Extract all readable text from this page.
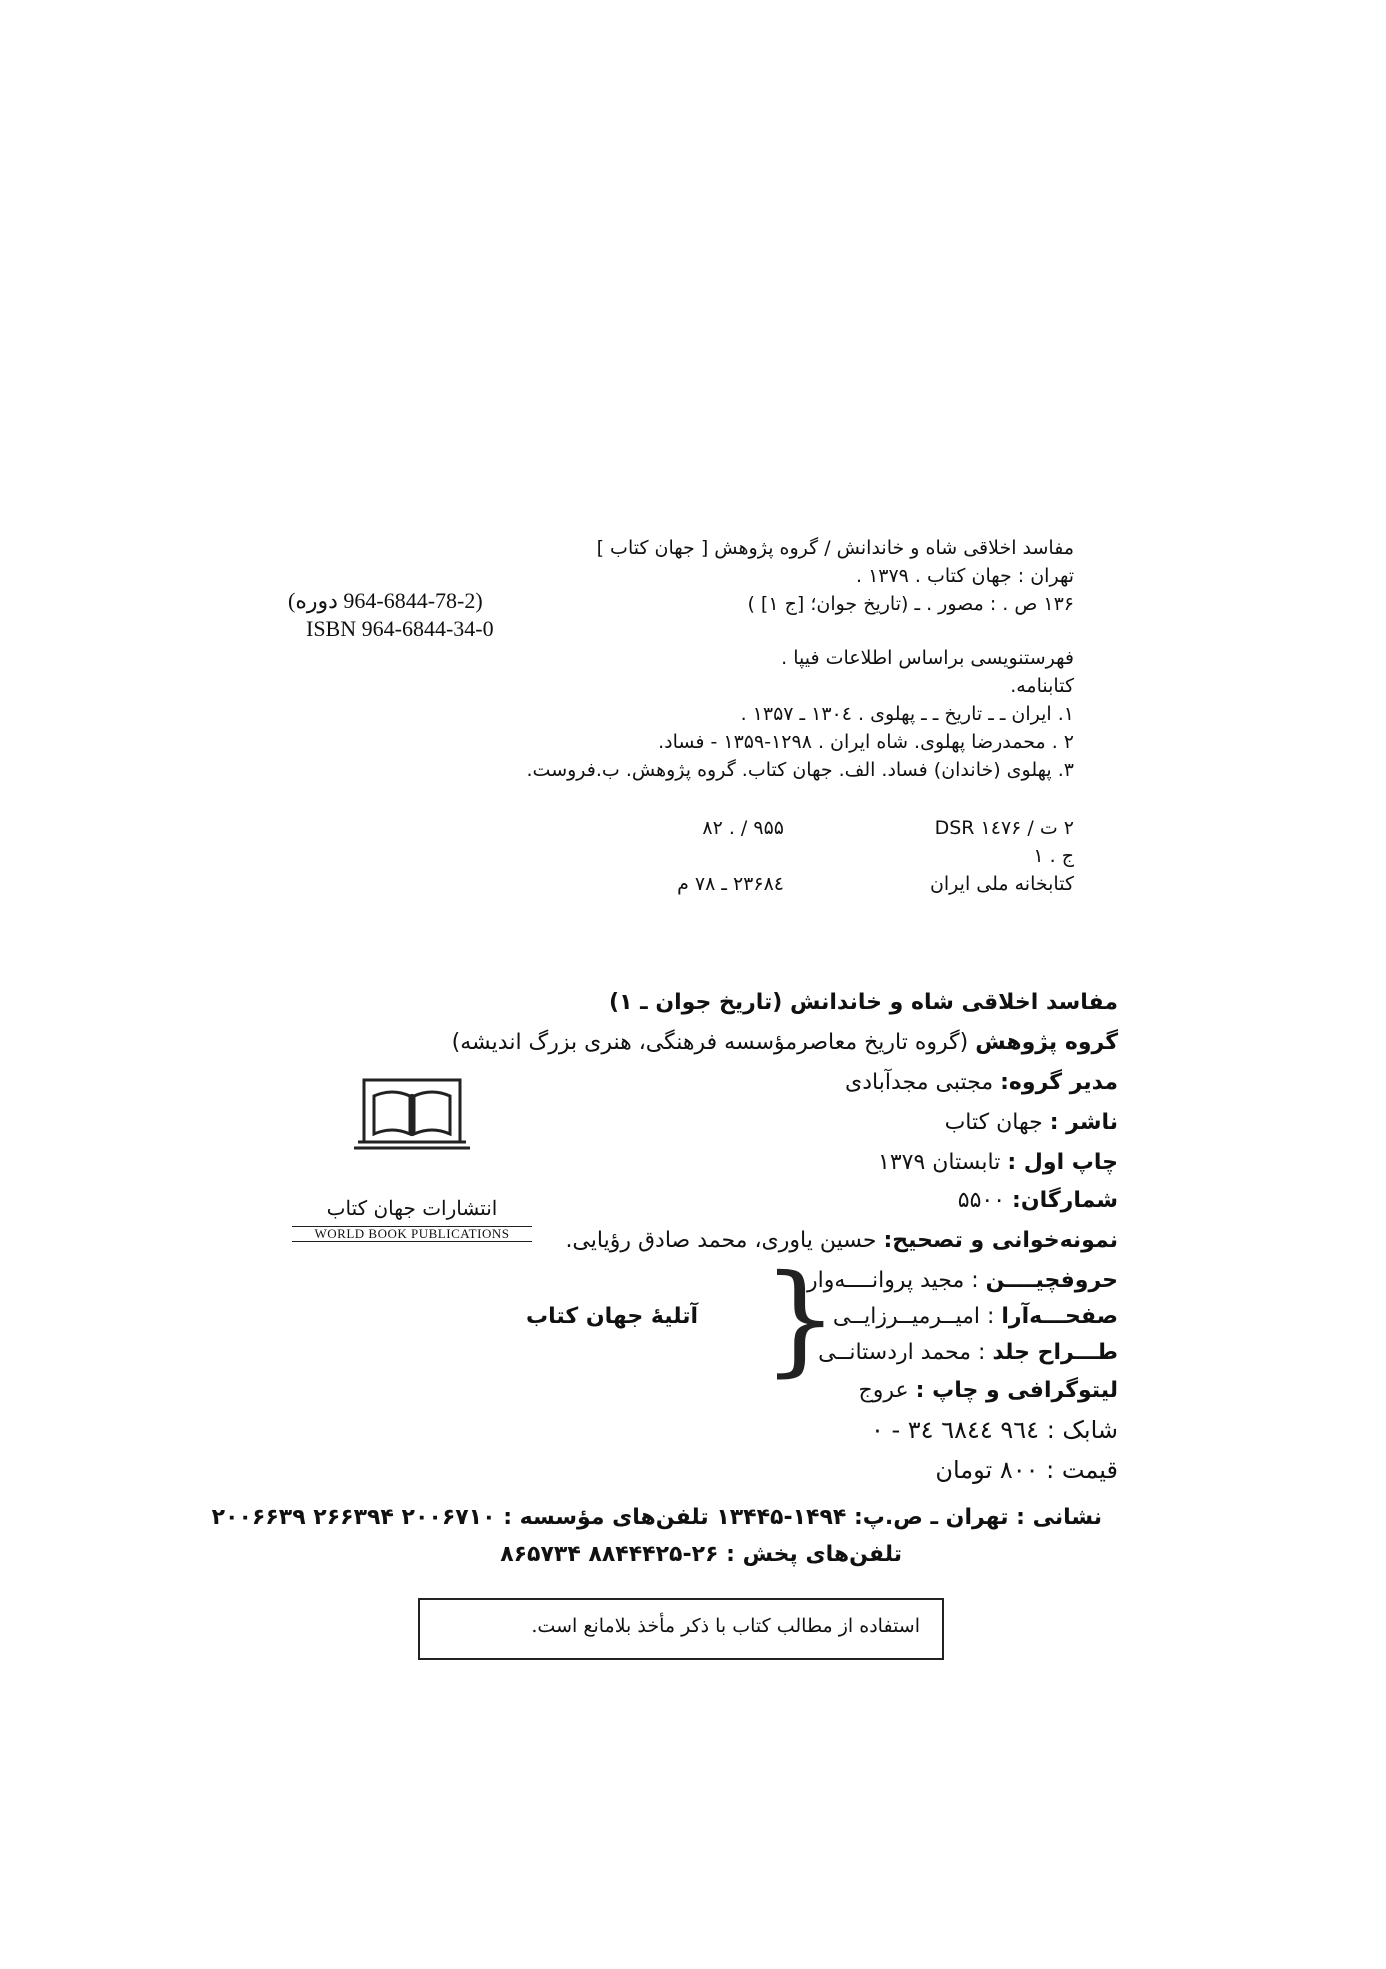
مفاسد اخلاقی شاه و خاندانش / گروه پژوهش [ جهان کتاب ]
تهران : جهان کتاب . ۱۳۷۹ .
۱۳۶ ص . : مصور . ـ (تاریخ جوان؛ [ج ۱] )
فهرستنویسی براساس اطلاعات فیپا .
کتابنامه.
۱. ایران ـ ـ تاریخ ـ ـ پهلوی . ۱۳۰٤ ـ ۱۳۵۷ .
۲ . محمدرضا پهلوی. شاه ایران . ۱۲۹۸-۱۳۵۹ - فساد.
۳. پهلوی (خاندان) فساد. الف. جهان کتاب. گروه پژوهش. ب.فروست.
۲ ت / ۱٤۷۶ DSR
۹۵۵ / . ۸۲
ج . ۱
کتابخانه ملی ایران
۲۳۶۸٤ ـ ۷۸ م
(964-6844-78-2 دوره)
ISBN 964-6844-34-0
انتشارات جهان کتاب
WORLD BOOK PUBLICATIONS
مفاسد اخلاقی شاه و خاندانش (تاریخ جوان ـ ۱)
گروه پژوهش (گروه تاریخ معاصرمؤسسه فرهنگی، هنری بزرگ اندیشه)
مدیر گروه: مجتبی مجدآبادی
ناشر : جهان کتاب
چاپ اول : تابستان ۱۳۷۹
شمارگان: ۵۵۰۰
نمونه‌خوانی و تصحیح: حسین یاوری، محمد صادق رؤیایی.
حروفچیــــن : مجید پروانــــه‌وار
صفحـــه‌آرا : امیــرمیــرزایــی
طـــراح جلد : محمد اردستانــی
آتلیهٔ جهان کتاب
لیتوگرافی و چاپ : عروج
شابک : ۹٦٤ ٦٨٤٤ ۳٤ - ۰
قیمت : ۸۰۰ تومان
}
نشانی : تهران ـ ص.پ: ۱۴۹۴-۱۳۴۴۵ تلفن‌های مؤسسه : ۲۰۰۶۷۱۰ ۲۶۶۳۹۴ ۲۰۰۶۶۳۹
تلفن‌های پخش : ۲۶-۸۸۴۴۴۲۵ ۸۶۵۷۳۴
استفاده از مطالب کتاب با ذکر مأخذ بلامانع است.
